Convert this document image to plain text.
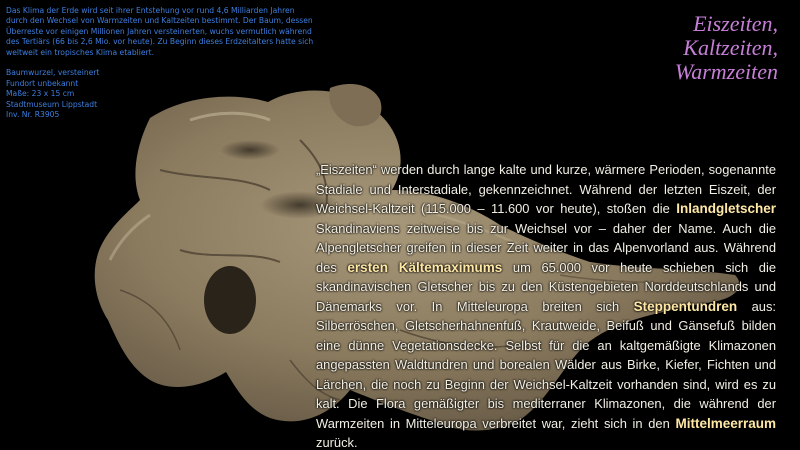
Das Klima der Erde wird seit ihrer Entstehung vor rund 4,6 Milliarden Jahren durch den Wechsel von Warmzeiten und Kaltzeiten bestimmt. Der Baum, dessen Überreste vor einigen Millionen Jahren versteinerten, wuchs vermutlich während des Tertiärs (66 bis 2,6 Mio. vor heute). Zu Beginn dieses Erdzeitalters hatte sich weltweit ein tropisches Klima etabliert.

Baumwurzel, versteinert

Fundort unbekannt

Maße: 23 x 15 cm

Stadtmuseum Lippstadt

Inv. Nr. R3905

Eiszeiten,
Kaltzeiten,
Warmzeiten
„Eiszeiten“ werden durch lange kalte und kurze, wärmere Perioden, sogenannte Stadiale und Interstadiale, gekennzeichnet. Während der letzten Eiszeit, der Weichsel-Kaltzeit (115.000 – 11.600 vor heute), stoßen die Inlandgletscher Skandinaviens zeitweise bis zur Weichsel vor – daher der Name. Auch die Alpengletscher greifen in dieser Zeit weiter in das Alpenvorland aus. Während des ersten Kältemaximums um 65.000 vor heute schieben sich die skandinavischen Gletscher bis zu den Küstengebieten Norddeutschlands und Dänemarks vor. In Mitteleuropa breiten sich Steppentundren aus: Silberröschen, Gletscherhahnenfuß, Krautweide, Beifuß und Gänsefuß bilden eine dünne Vegetationsdecke. Selbst für die an kaltgemäßigte Klimazonen angepassten Waldtundren und borealen Wälder aus Birke, Kiefer, Fichten und Lärchen, die noch zu Beginn der Weichsel-Kaltzeit vorhanden sind, wird es zu kalt. Die Flora gemäßigter bis mediterraner Klimazonen, die während der Warmzeiten in Mitteleuropa verbreitet war, zieht sich in den Mittelmeerraum zurück.
